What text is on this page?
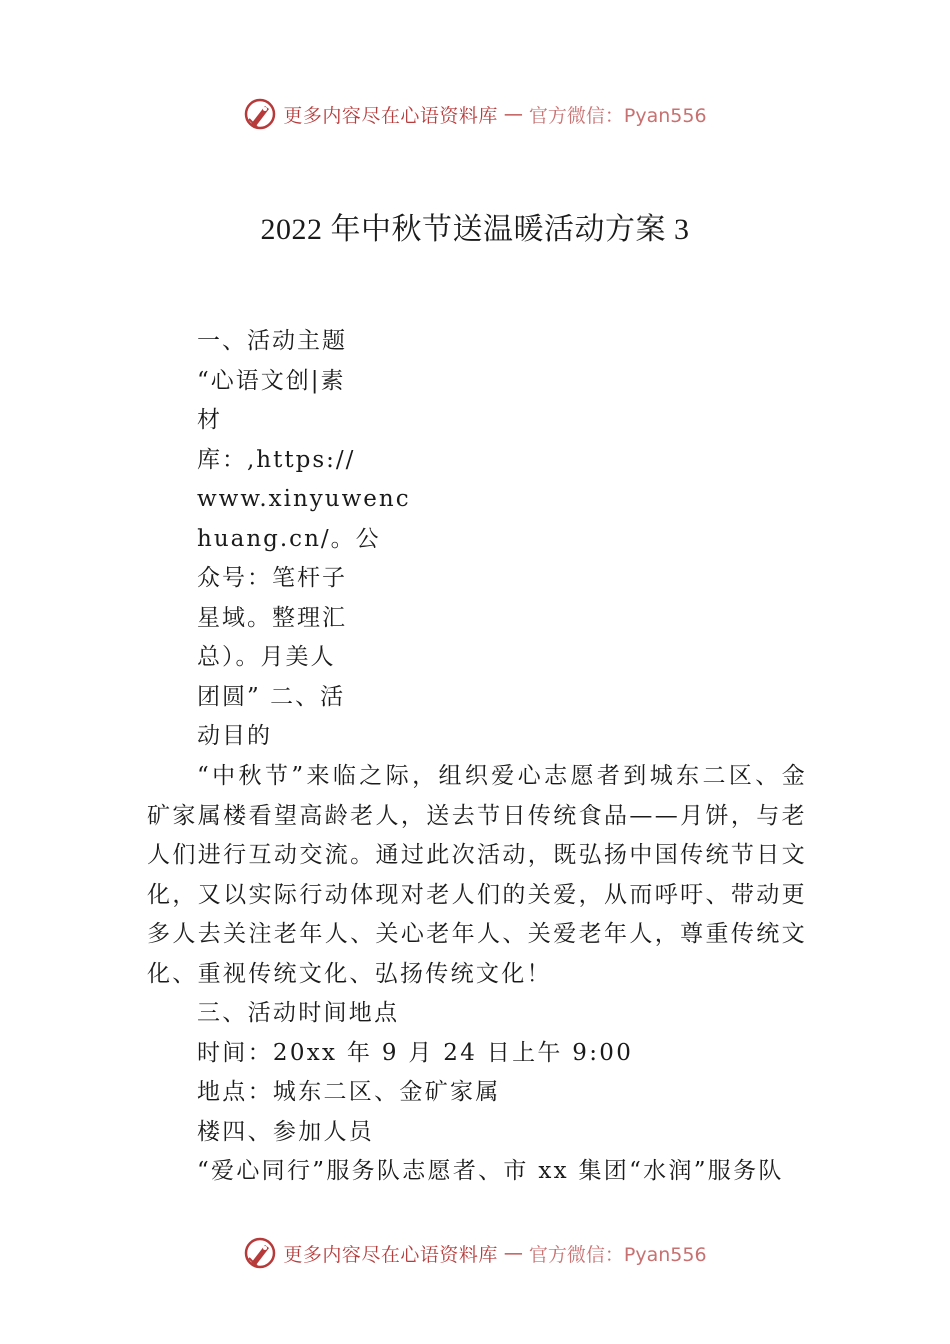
更多内容尽在心语资料库 — 官方微信：Pyan556
2022 年中秋节送温暖活动方案 3
一、活动主题
“心语文创|素
材
库：,https://
www.xinyuwenc
huang.cn/。公
众号：笔杆子
星域。整理汇
总）。月美人
团圆” 二、活
动目的
“中秋节”来临之际，组织爱心志愿者到城东二区、金矿家属楼看望高龄老人，送去节日传统食品——月饼，与老人们进行互动交流。通过此次活动，既弘扬中国传统节日文化，又以实际行动体现对老人们的关爱，从而呼吁、带动更多人去关注老年人、关心老年人、关爱老年人，尊重传统文化、重视传统文化、弘扬传统文化！
三、活动时间地点
时间：20xx 年 9 月 24 日上午 9:00
地点：城东二区、金矿家属
楼四、参加人员
“爱心同行”服务队志愿者、市 xx 集团“水润”服务队
更多内容尽在心语资料库 — 官方微信：Pyan556
